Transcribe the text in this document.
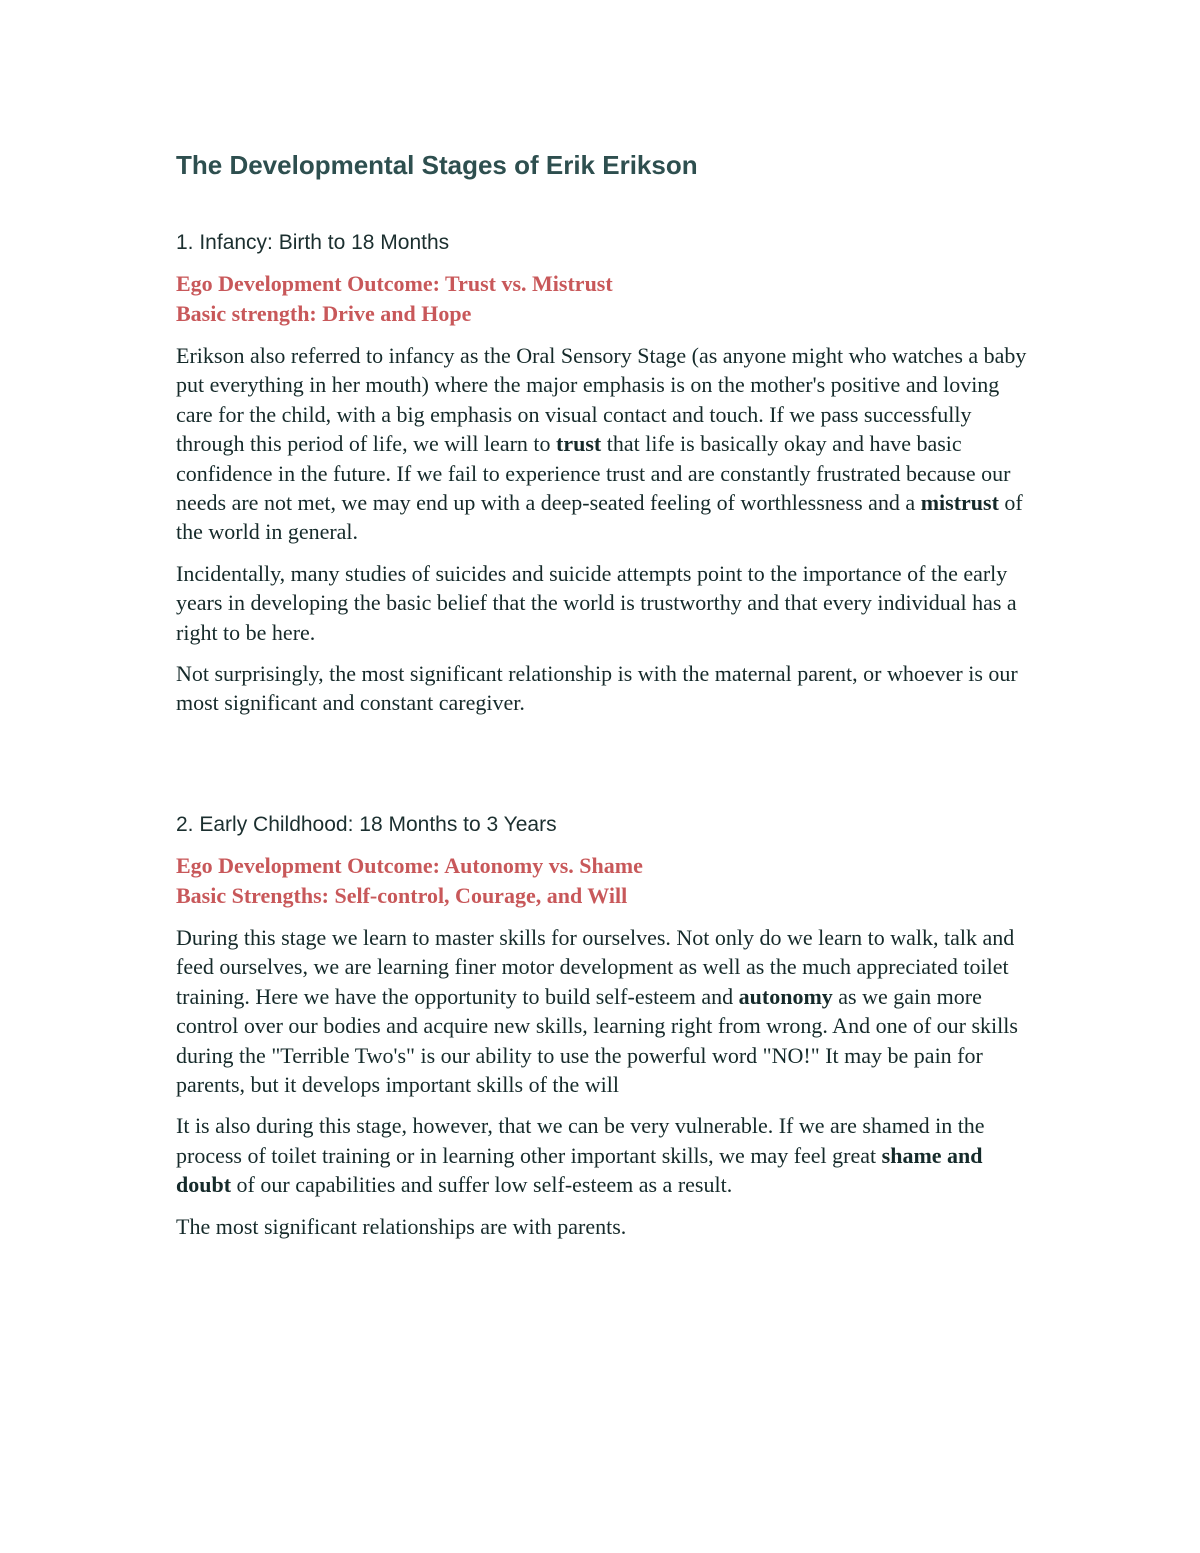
The Developmental Stages of Erik Erikson
1. Infancy: Birth to 18 Months
Ego Development Outcome: Trust vs. Mistrust
Basic strength: Drive and Hope

Erikson also referred to infancy as the Oral Sensory Stage (as anyone might who watches a baby put everything in her mouth) where the major emphasis is on the mother's positive and loving care for the child, with a big emphasis on visual contact and touch. If we pass successfully through this period of life, we will learn to trust that life is basically okay and have basic confidence in the future. If we fail to experience trust and are constantly frustrated because our needs are not met, we may end up with a deep-seated feeling of worthlessness and a mistrust of the world in general.

Incidentally, many studies of suicides and suicide attempts point to the importance of the early years in developing the basic belief that the world is trustworthy and that every individual has a right to be here.

Not surprisingly, the most significant relationship is with the maternal parent, or whoever is our most significant and constant caregiver.

2. Early Childhood: 18 Months to 3 Years
Ego Development Outcome: Autonomy vs. Shame
Basic Strengths: Self-control, Courage, and Will

During this stage we learn to master skills for ourselves. Not only do we learn to walk, talk and feed ourselves, we are learning finer motor development as well as the much appreciated toilet training. Here we have the opportunity to build self-esteem and autonomy as we gain more control over our bodies and acquire new skills, learning right from wrong. And one of our skills during the "Terrible Two's" is our ability to use the powerful word "NO!" It may be pain for parents, but it develops important skills of the will

It is also during this stage, however, that we can be very vulnerable. If we are shamed in the process of toilet training or in learning other important skills, we may feel great shame and doubt of our capabilities and suffer low self-esteem as a result.

The most significant relationships are with parents.
